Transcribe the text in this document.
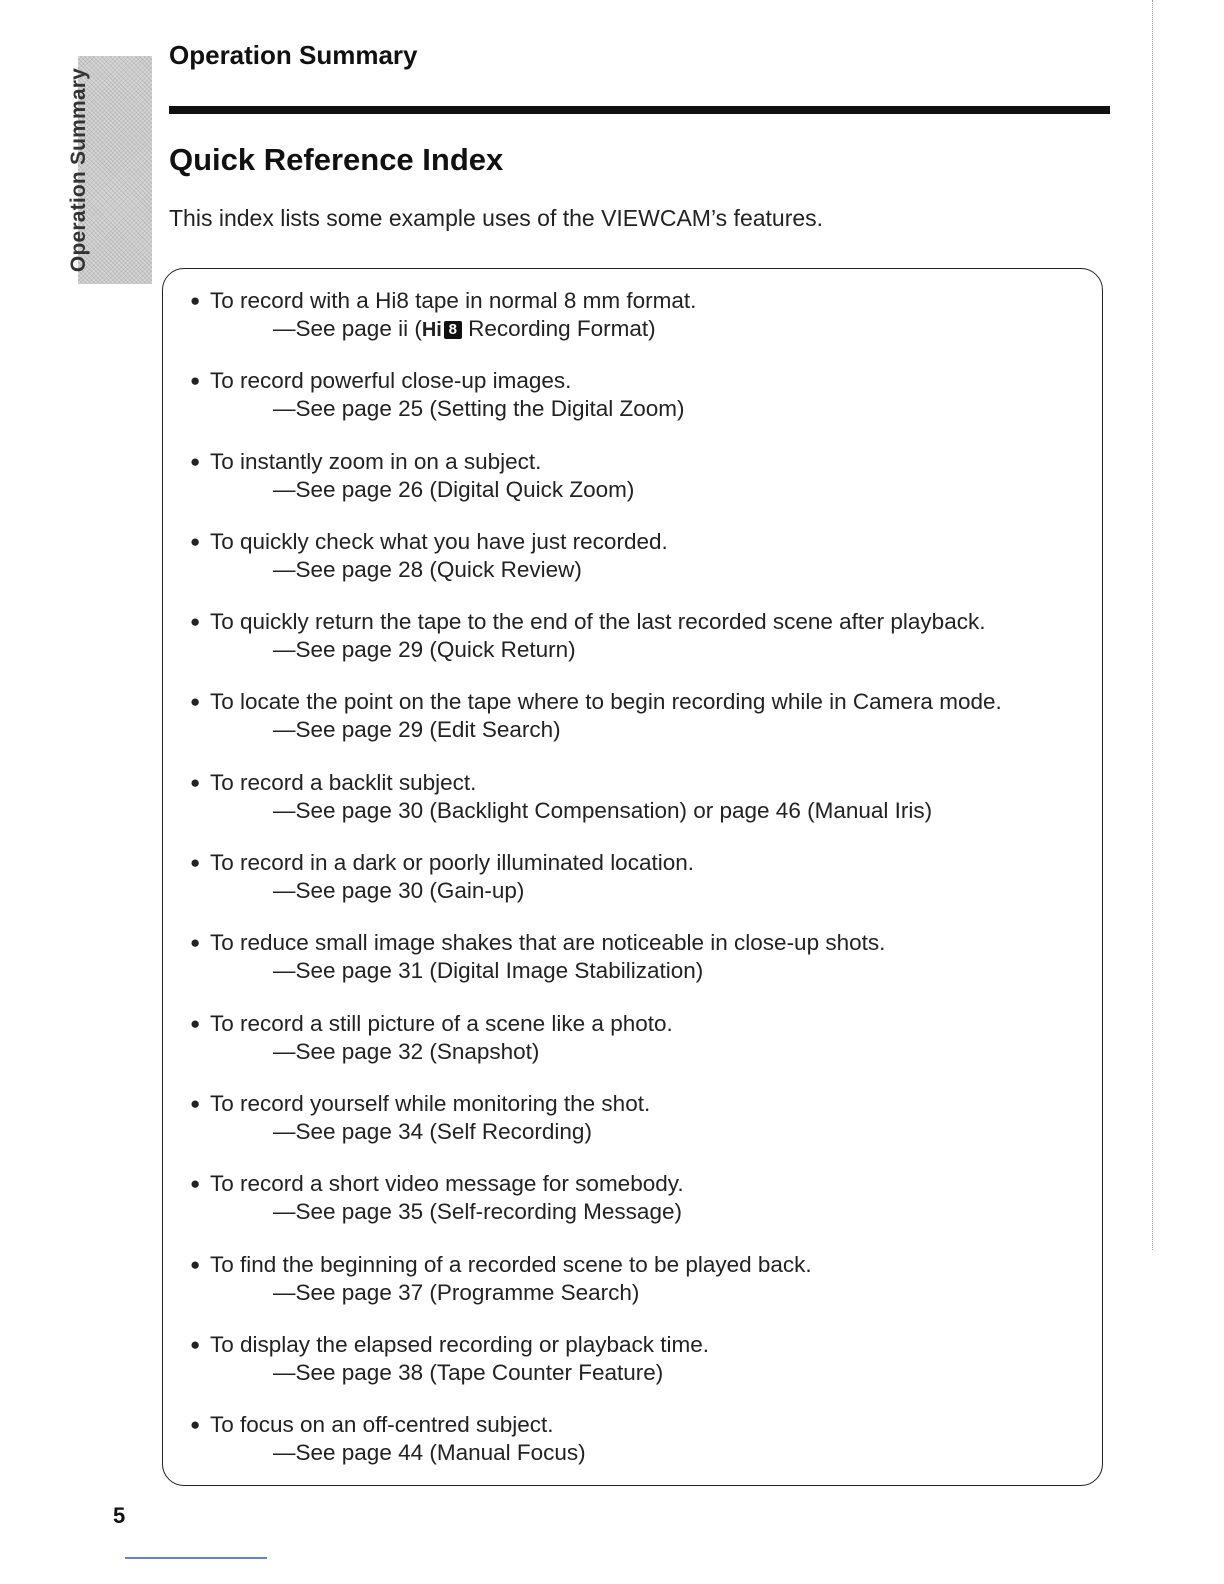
Operation Summary
Operation Summary
Quick Reference Index
This index lists some example uses of the VIEWCAM’s features.
● To record with a Hi8 tape in normal 8 mm format.
—See page ii ( Hi 8 Recording Format)
● To record powerful close-up images.
—See page 25 (Setting the Digital Zoom)
● To instantly zoom in on a subject.
—See page 26 (Digital Quick Zoom)
● To quickly check what you have just recorded.
—See page 28 (Quick Review)
● To quickly return the tape to the end of the last recorded scene after playback.
—See page 29 (Quick Return)
● To locate the point on the tape where to begin recording while in Camera mode.
—See page 29 (Edit Search)
● To record a backlit subject.
—See page 30 (Backlight Compensation) or page 46 (Manual Iris)
● To record in a dark or poorly illuminated location.
—See page 30 (Gain-up)
● To reduce small image shakes that are noticeable in close-up shots.
—See page 31 (Digital Image Stabilization)
● To record a still picture of a scene like a photo.
—See page 32 (Snapshot)
● To record yourself while monitoring the shot.
—See page 34 (Self Recording)
● To record a short video message for somebody.
—See page 35 (Self-recording Message)
● To find the beginning of a recorded scene to be played back.
—See page 37 (Programme Search)
● To display the elapsed recording or playback time.
—See page 38 (Tape Counter Feature)
● To focus on an off-centred subject.
—See page 44 (Manual Focus)
5
